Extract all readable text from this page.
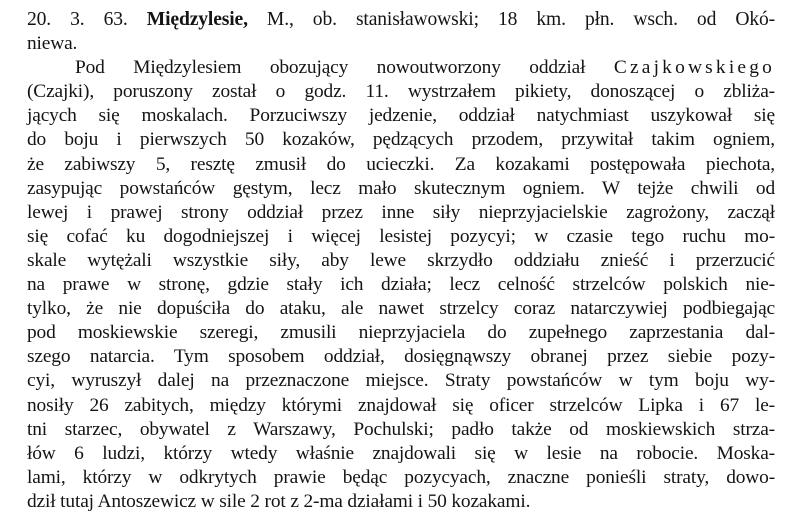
20. 3. 63. Międzylesie, M., ob. stanisławowski; 18 km. płn. wsch. od Okó-
niewa.
Pod Międzylesiem obozujący nowoutworzony oddział Czajkowskiego
(Czajki), poruszony został o godz. 11. wystrzałem pikiety, donoszącej o zbliża-
jących się moskalach. Porzuciwszy jedzenie, oddział natychmiast uszykował się
do boju i pierwszych 50 kozaków, pędzących przodem, przywitał takim ogniem,
że zabiwszy 5, resztę zmusił do ucieczki. Za kozakami postępowała piechota,
zasypując powstańców gęstym, lecz mało skutecznym ogniem. W tejże chwili od
lewej i prawej strony oddział przez inne siły nieprzyjacielskie zagrożony, zaczął
się cofać ku dogodniejszej i więcej lesistej pozycyi; w czasie tego ruchu mo-
skale wytężali wszystkie siły, aby lewe skrzydło oddziału znieść i przerzucić
na prawe w stronę, gdzie stały ich działa; lecz celność strzelców polskich nie-
tylko, że nie dopuściła do ataku, ale nawet strzelcy coraz natarczywiej podbiegając
pod moskiewskie szeregi, zmusili nieprzyjaciela do zupełnego zaprzestania dal-
szego natarcia. Tym sposobem oddział, dosięgnąwszy obranej przez siebie pozy-
cyi, wyruszył dalej na przeznaczone miejsce. Straty powstańców w tym boju wy-
nosiły 26 zabitych, między którymi znajdował się oficer strzelców Lipka i 67 le-
tni starzec, obywatel z Warszawy, Pochulski; padło także od moskiewskich strza-
łów 6 ludzi, którzy wtedy właśnie znajdowali się w lesie na robocie. Moska-
lami, którzy w odkrytych prawie będąc pozycyach, znaczne ponieśli straty, dowo-
dził tutaj Antoszewicz w sile 2 rot z 2-ma działami i 50 kozakami.
